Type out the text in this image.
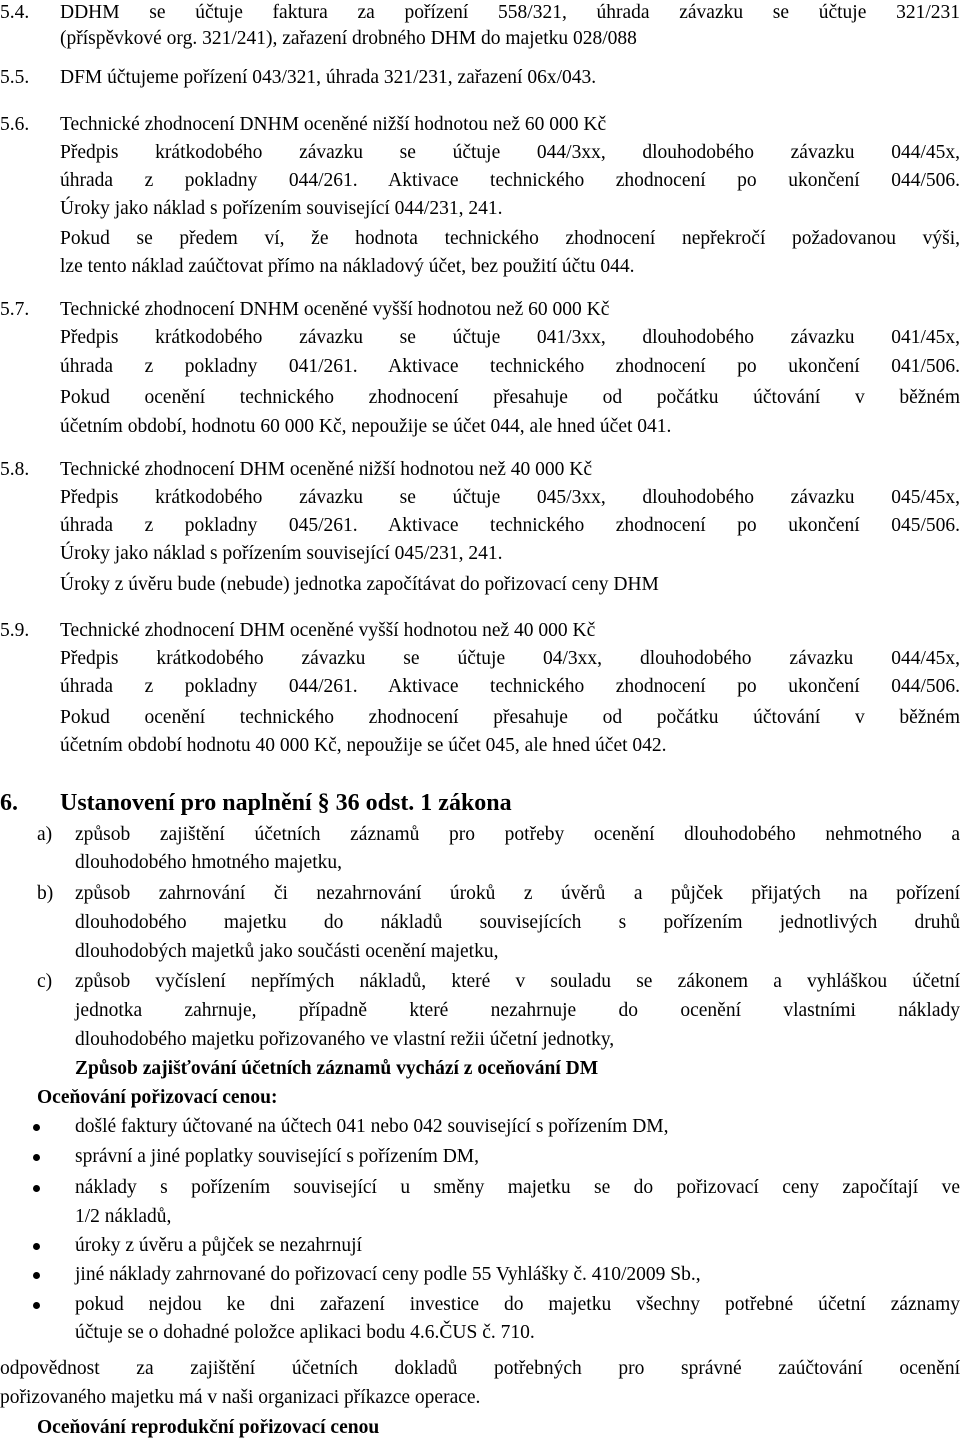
5.4. DDHM se účtuje faktura za pořízení 558/321, úhrada závazku se účtuje 321/231
(příspěvkové org. 321/241), zařazení drobného DHM do majetku 028/088
5.5. DFM účtujeme pořízení 043/321, úhrada 321/231, zařazení 06x/043.
5.6. Technické zhodnocení DNHM oceněné nižší hodnotou než 60 000 Kč
Předpis krátkodobého závazku se účtuje 044/3xx, dlouhodobého závazku 044/45x,
úhrada z pokladny 044/261. Aktivace technického zhodnocení po ukončení 044/506.
Úroky jako náklad s pořízením související 044/231, 241.
Pokud se předem ví, že hodnota technického zhodnocení nepřekročí požadovanou výši,
lze tento náklad zaúčtovat přímo na nákladový účet, bez použití účtu 044.
5.7. Technické zhodnocení DNHM oceněné vyšší hodnotou než 60 000 Kč
Předpis krátkodobého závazku se účtuje 041/3xx, dlouhodobého závazku 041/45x,
úhrada z pokladny 041/261. Aktivace technického zhodnocení po ukončení 041/506.
Pokud ocenění technického zhodnocení přesahuje od počátku účtování v běžném
účetním období, hodnotu 60 000 Kč, nepoužije se účet 044, ale hned účet 041.
5.8. Technické zhodnocení DHM oceněné nižší hodnotou než 40 000 Kč
Předpis krátkodobého závazku se účtuje 045/3xx, dlouhodobého závazku 045/45x,
úhrada z pokladny 045/261. Aktivace technického zhodnocení po ukončení 045/506.
Úroky jako náklad s pořízením související 045/231, 241.
Úroky z úvěru bude (nebude) jednotka započítávat do pořizovací ceny DHM
5.9. Technické zhodnocení DHM oceněné vyšší hodnotou než 40 000 Kč
Předpis krátkodobého závazku se účtuje 04/3xx, dlouhodobého závazku 044/45x,
úhrada z pokladny 044/261. Aktivace technického zhodnocení po ukončení 044/506.
Pokud ocenění technického zhodnocení přesahuje od počátku účtování v běžném
účetním období hodnotu 40 000 Kč, nepoužije se účet 045, ale hned účet 042.
6. Ustanovení pro naplnění § 36 odst. 1 zákona
a) způsob zajištění účetních záznamů pro potřeby ocenění dlouhodobého nehmotného a
dlouhodobého hmotného majetku,
b) způsob zahrnování či nezahrnování úroků z úvěrů a půjček přijatých na pořízení
dlouhodobého majetku do nákladů souvisejících s pořízením jednotlivých druhů
dlouhodobých majetků jako součásti ocenění majetku,
c) způsob vyčíslení nepřímých nákladů, které v souladu se zákonem a vyhláškou účetní
jednotka zahrnuje, případně které nezahrnuje do ocenění vlastními náklady
dlouhodobého majetku pořizovaného ve vlastní režii účetní jednotky,
Způsob zajišťování účetních záznamů vychází z oceňování DM
Oceňování pořizovací cenou:
došlé faktury účtované na účtech 041 nebo 042 související s pořízením DM,
správní a jiné poplatky související s pořízením DM,
náklady s pořízením související u směny majetku se do pořizovací ceny započítají ve
1/2 nákladů,
úroky z úvěru a půjček se nezahrnují
jiné náklady zahrnované do pořizovací ceny podle 55 Vyhlášky č. 410/2009 Sb.,
pokud nejdou ke dni zařazení investice do majetku všechny potřebné účetní záznamy
účtuje se o dohadné položce aplikaci bodu 4.6.ČUS č. 710.
odpovědnost za zajištění účetních dokladů potřebných pro správné zaúčtování ocenění
pořizovaného majetku má v naši organizaci příkazce operace.
Oceňování reprodukční pořizovací cenou
